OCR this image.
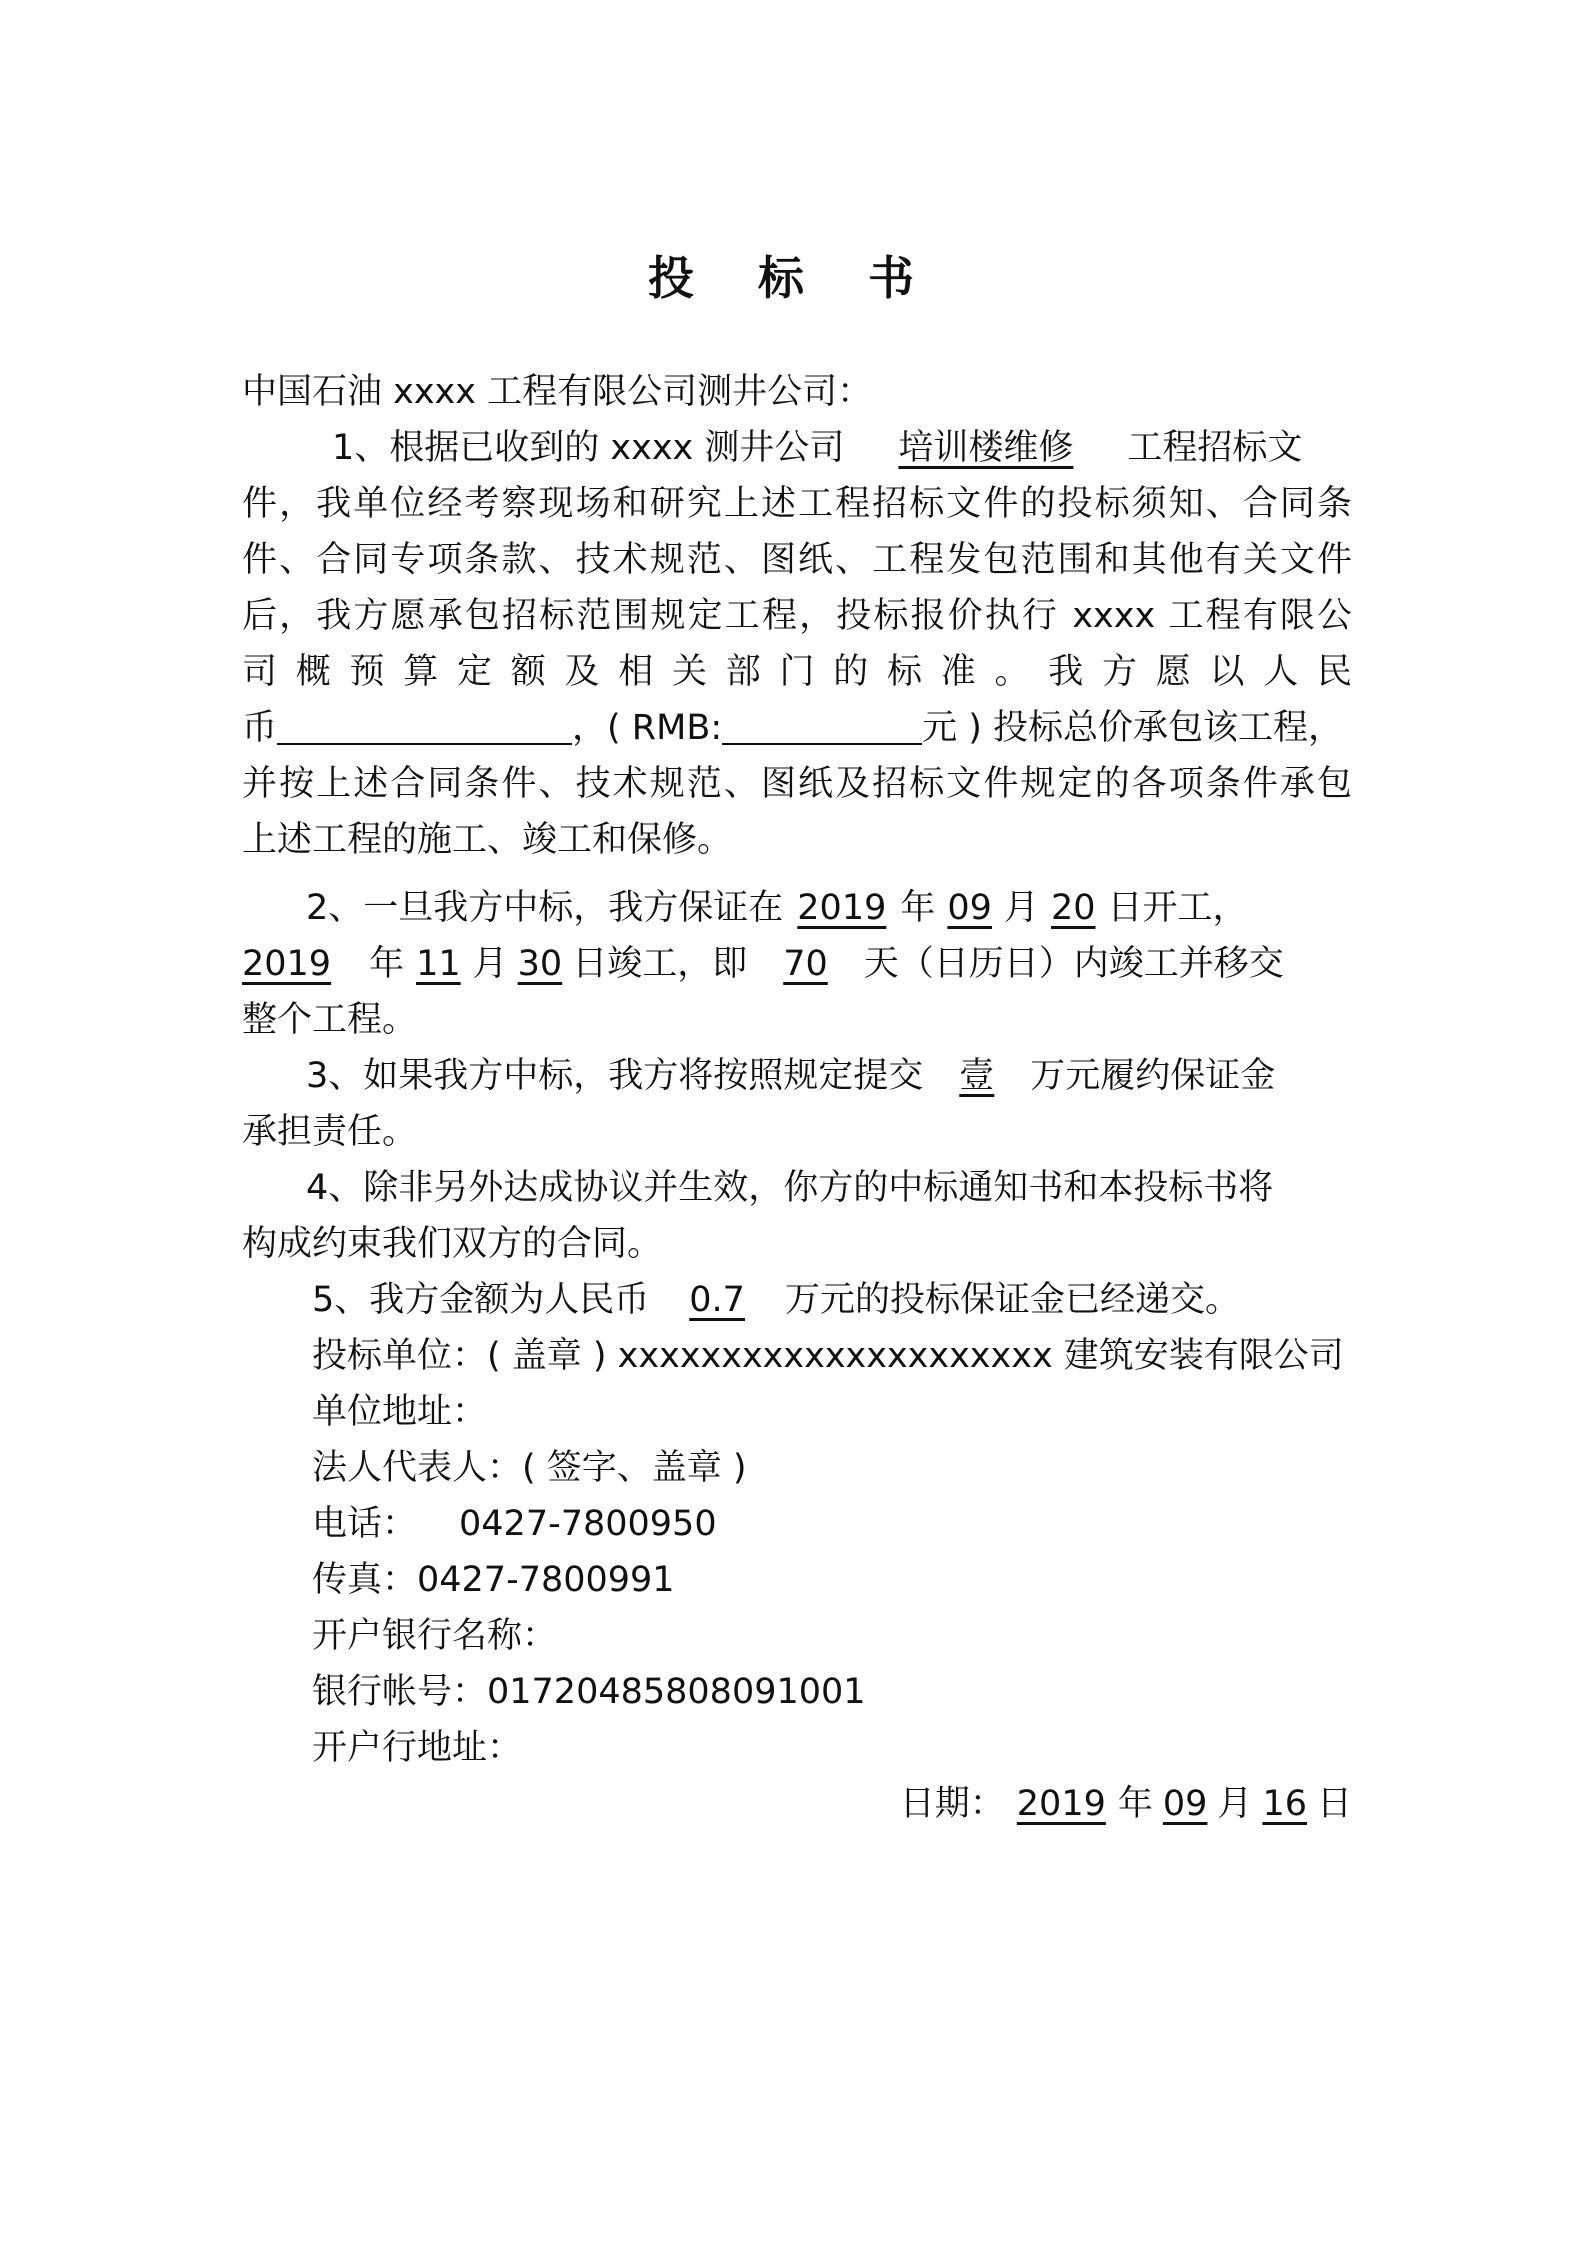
投 标 书
中国石油 xxxx 工程有限公司测井公司：
1、根据已收到的 xxxx 测井公司 培训楼维修 工程招标文
件，我单位经考察现场和研究上述工程招标文件的投标须知、合同条
件、合同专项条款、技术规范、图纸、工程发包范围和其他有关文件
后，我方愿承包招标范围规定工程，投标报价执行 xxxx 工程有限公
司概预算定额及相关部门的标准。我方愿以人民
币	，( RMB:	元 ) 投标总价承包该工程，
并按上述合同条件、技术规范、图纸及招标文件规定的各项条件承包
上述工程的施工、竣工和保修。
2、一旦我方中标，我方保证在 2019 年 09 月 20 日开工，
2019 年 11 月 30 日竣工，即 70 天（日历日）内竣工并移交
整个工程。
3、如果我方中标，我方将按照规定提交 壹 万元履约保证金
承担责任。
4、除非另外达成协议并生效，你方的中标通知书和本投标书将
构成约束我们双方的合同。
5、我方金额为人民币 0.7 万元的投标保证金已经递交。
投标单位：( 盖章 ) xxxxxxxxxxxxxxxxxxxxx 建筑安装有限公司
单位地址：
法人代表人：( 签字、盖章 )
电话： 0427-7800950
传真：0427-7800991
开户银行名称：
银行帐号：01720485808091001
开户行地址：
日期： 2019 年 09 月 16 日
